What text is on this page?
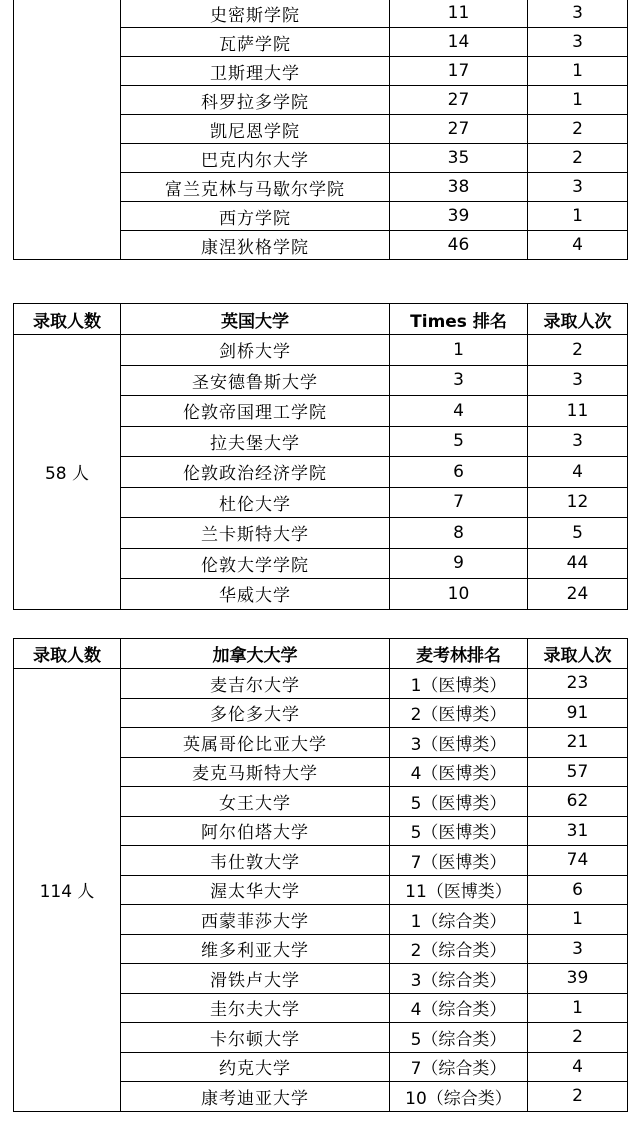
	史密斯学院	11	3
	瓦萨学院	14	3
	卫斯理大学	17	1
	科罗拉多学院	27	1
	凯尼恩学院	27	2
	巴克内尔大学	35	2
	富兰克林与马歇尔学院	38	3
	西方学院	39	1
	康涅狄格学院	46	4
录取人数	英国大学	Times 排名	录取人次
58 人	剑桥大学	1	2
	圣安德鲁斯大学	3	3
	伦敦帝国理工学院	4	11
	拉夫堡大学	5	3
	伦敦政治经济学院	6	4
	杜伦大学	7	12
	兰卡斯特大学	8	5
	伦敦大学学院	9	44
	华威大学	10	24
录取人数	加拿大大学	麦考林排名	录取人次
114 人	麦吉尔大学	1（医博类）	23
	多伦多大学	2（医博类）	91
	英属哥伦比亚大学	3（医博类）	21
	麦克马斯特大学	4（医博类）	57
	女王大学	5（医博类）	62
	阿尔伯塔大学	5（医博类）	31
	韦仕敦大学	7（医博类）	74
	渥太华大学	11（医博类）	6
	西蒙菲莎大学	1（综合类）	1
	维多利亚大学	2（综合类）	3
	滑铁卢大学	3（综合类）	39
	圭尔夫大学	4（综合类）	1
	卡尔顿大学	5（综合类）	2
	约克大学	7（综合类）	4
	康考迪亚大学	10（综合类）	2
